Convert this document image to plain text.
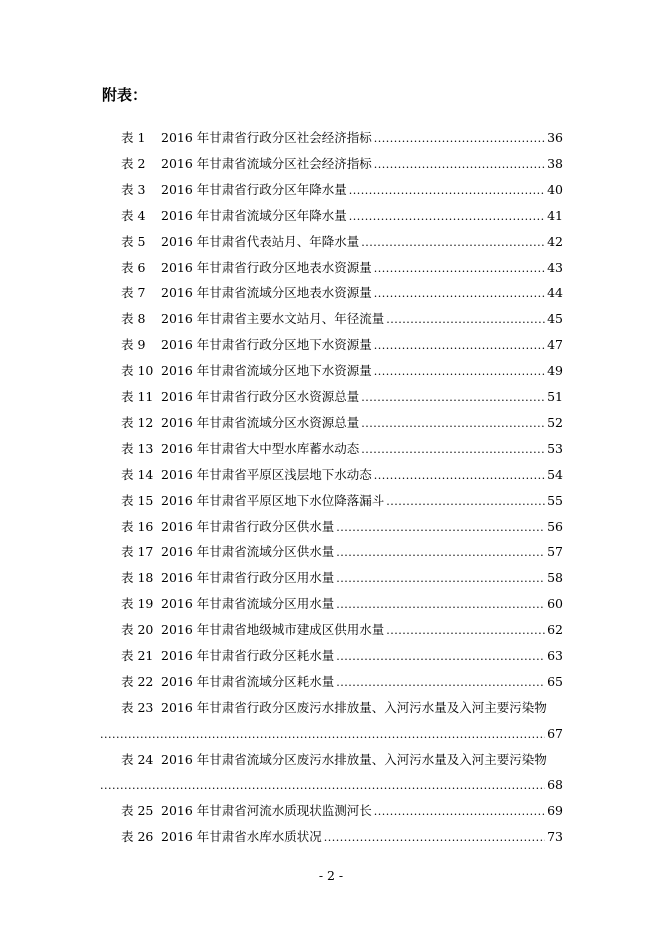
附表：
表 1	2016 年甘肃省行政分区社会经济指标 .....	36
表 2	2016 年甘肃省流域分区社会经济指标 .....	38
表 3	2016 年甘肃省行政分区年降水量 .....	40
表 4	2016 年甘肃省流域分区年降水量 .....	41
表 5	2016 年甘肃省代表站月、年降水量 .....	42
表 6	2016 年甘肃省行政分区地表水资源量 .....	43
表 7	2016 年甘肃省流域分区地表水资源量 .....	44
表 8	2016 年甘肃省主要水文站月、年径流量 .....	45
表 9	2016 年甘肃省行政分区地下水资源量 .....	47
表 10 2016 年甘肃省流域分区地下水资源量 .....	49
表 11 2016 年甘肃省行政分区水资源总量 .....	51
表 12 2016 年甘肃省流域分区水资源总量 .....	52
表 13 2016 年甘肃省大中型水库蓄水动态 .....	53
表 14 2016 年甘肃省平原区浅层地下水动态 .....	54
表 15 2016 年甘肃省平原区地下水位降落漏斗 .....	55
表 16 2016 年甘肃省行政分区供水量 .....	56
表 17 2016 年甘肃省流域分区供水量 .....	57
表 18 2016 年甘肃省行政分区用水量 .....	58
表 19 2016 年甘肃省流域分区用水量 .....	60
表 20 2016 年甘肃省地级城市建成区供用水量 .....	62
表 21 2016 年甘肃省行政分区耗水量 .....	63
表 22 2016 年甘肃省流域分区耗水量 .....	65
表 23 2016 年甘肃省行政分区废污水排放量、入河污水量及入河主要污染物
.....
67
表 24 2016 年甘肃省流域分区废污水排放量、入河污水量及入河主要污染物
.....
68
表 25 2016 年甘肃省河流水质现状监测河长 .....	69
表 26 2016 年甘肃省水库水质状况 .....	73
- 2 -
